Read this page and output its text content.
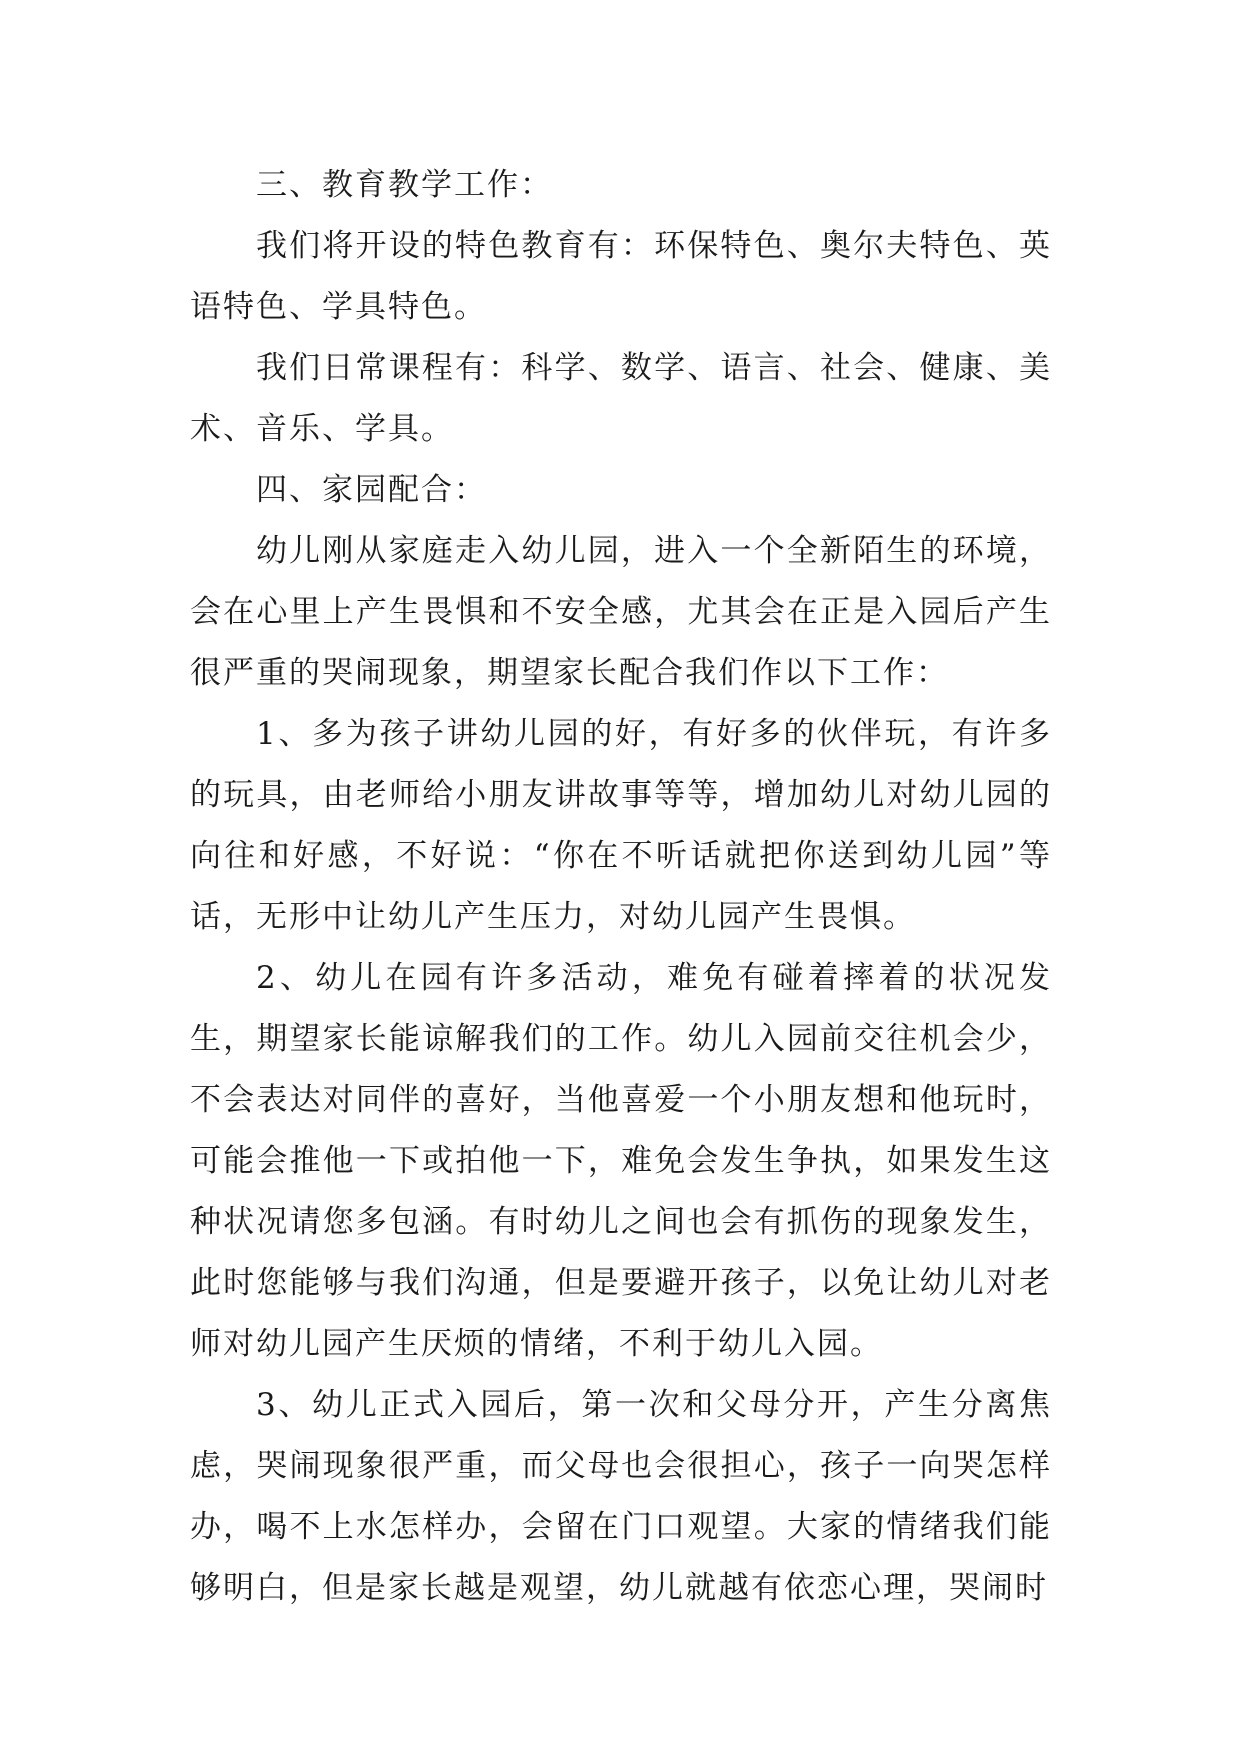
三、教育教学工作：

我们将开设的特色教育有：环保特色、奥尔夫特色、英语特色、学具特色。

我们日常课程有：科学、数学、语言、社会、健康、美术、音乐、学具。

四、家园配合：

幼儿刚从家庭走入幼儿园，进入一个全新陌生的环境，会在心里上产生畏惧和不安全感，尤其会在正是入园后产生很严重的哭闹现象，期望家长配合我们作以下工作：

1、多为孩子讲幼儿园的好，有好多的伙伴玩，有许多的玩具，由老师给小朋友讲故事等等，增加幼儿对幼儿园的向往和好感，不好说：“你在不听话就把你送到幼儿园”等话，无形中让幼儿产生压力，对幼儿园产生畏惧。

2、幼儿在园有许多活动，难免有碰着摔着的状况发生，期望家长能谅解我们的工作。幼儿入园前交往机会少，不会表达对同伴的喜好，当他喜爱一个小朋友想和他玩时，可能会推他一下或拍他一下，难免会发生争执，如果发生这种状况请您多包涵。有时幼儿之间也会有抓伤的现象发生，此时您能够与我们沟通，但是要避开孩子，以免让幼儿对老师对幼儿园产生厌烦的情绪，不利于幼儿入园。

3、幼儿正式入园后，第一次和父母分开，产生分离焦虑，哭闹现象很严重，而父母也会很担心，孩子一向哭怎样办，喝不上水怎样办，会留在门口观望。大家的情绪我们能够明白，但是家长越是观望，幼儿就越有依恋心理，哭闹时
